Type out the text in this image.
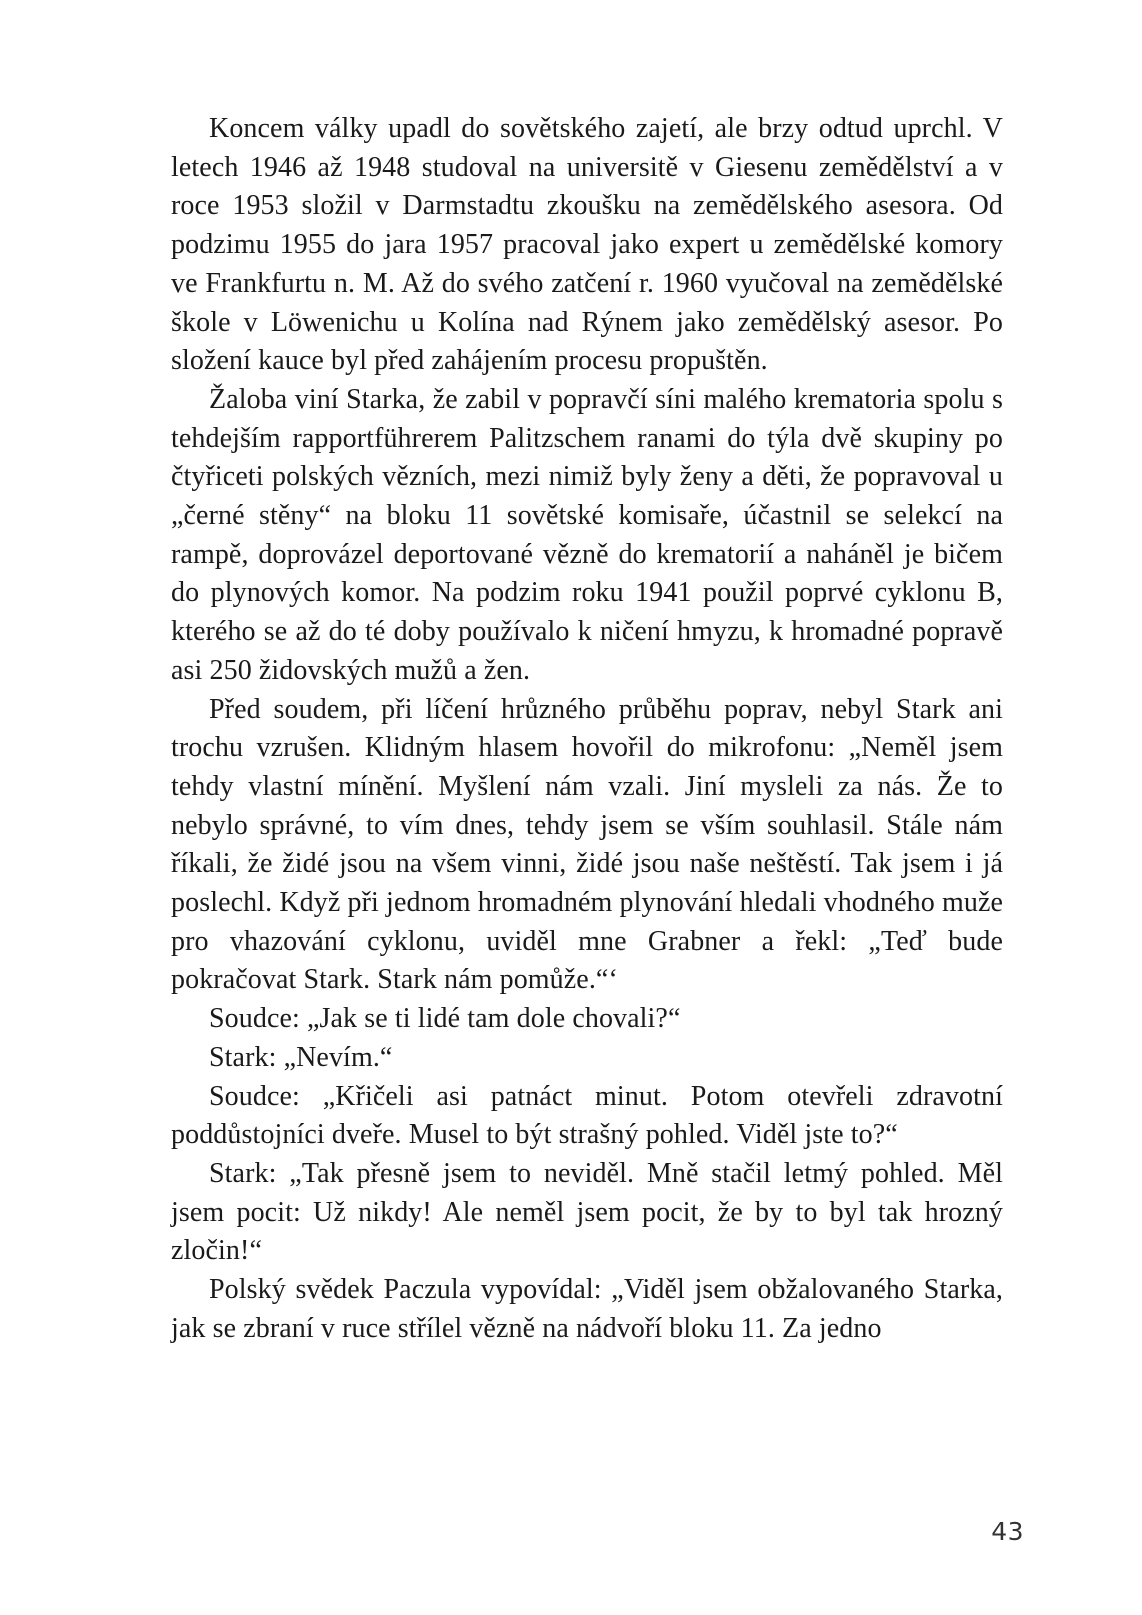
Koncem války upadl do sovětského zajetí, ale brzy odtud uprchl. V letech 1946 až 1948 studoval na universitě v Giesenu zemědělství a v roce 1953 složil v Darmstadtu zkoušku na zemědělského asesora. Od podzimu 1955 do jara 1957 pracoval jako expert u zemědělské komory ve Frankfurtu n. M. Až do svého zatčení r. 1960 vyučoval na zemědělské škole v Löwenichu u Kolína nad Rýnem jako zemědělský asesor. Po složení kauce byl před zahájením procesu propuštěn.

Žaloba viní Starka, že zabil v popravčí síni malého krematoria spolu s tehdejším rapportführerem Palitzschem ranami do týla dvě skupiny po čtyřiceti polských vězních, mezi nimiž byly ženy a děti, že popravoval u „černé stěny“ na bloku 11 sovětské komisaře, účastnil se selekcí na rampě, doprovázel deportované vězně do krematorií a naháněl je bičem do plynových komor. Na podzim roku 1941 použil poprvé cyklonu B, kterého se až do té doby používalo k ničení hmyzu, k hromadné popravě asi 250 židovských mužů a žen.

Před soudem, při líčení hrůzného průběhu poprav, nebyl Stark ani trochu vzrušen. Klidným hlasem hovořil do mikrofonu: „Neměl jsem tehdy vlastní mínění. Myšlení nám vzali. Jiní mysleli za nás. Že to nebylo správné, to vím dnes, tehdy jsem se vším souhlasil. Stále nám říkali, že židé jsou na všem vinni, židé jsou naše neštěstí. Tak jsem i já poslechl. Když při jednom hromadném plynování hledali vhodného muže pro vhazování cyklonu, uviděl mne Grabner a řekl: „Teď bude pokračovat Stark. Stark nám pomůže.“‘

Soudce: „Jak se ti lidé tam dole chovali?“

Stark: „Nevím.“

Soudce: „Křičeli asi patnáct minut. Potom otevřeli zdravotní poddůstojníci dveře. Musel to být strašný pohled. Viděl jste to?“

Stark: „Tak přesně jsem to neviděl. Mně stačil letmý pohled. Měl jsem pocit: Už nikdy! Ale neměl jsem pocit, že by to byl tak hrozný zločin!“

Polský svědek Paczula vypovídal: „Viděl jsem obžalovaného Starka, jak se zbraní v ruce střílel vězně na nádvoří bloku 11. Za jedno

43
